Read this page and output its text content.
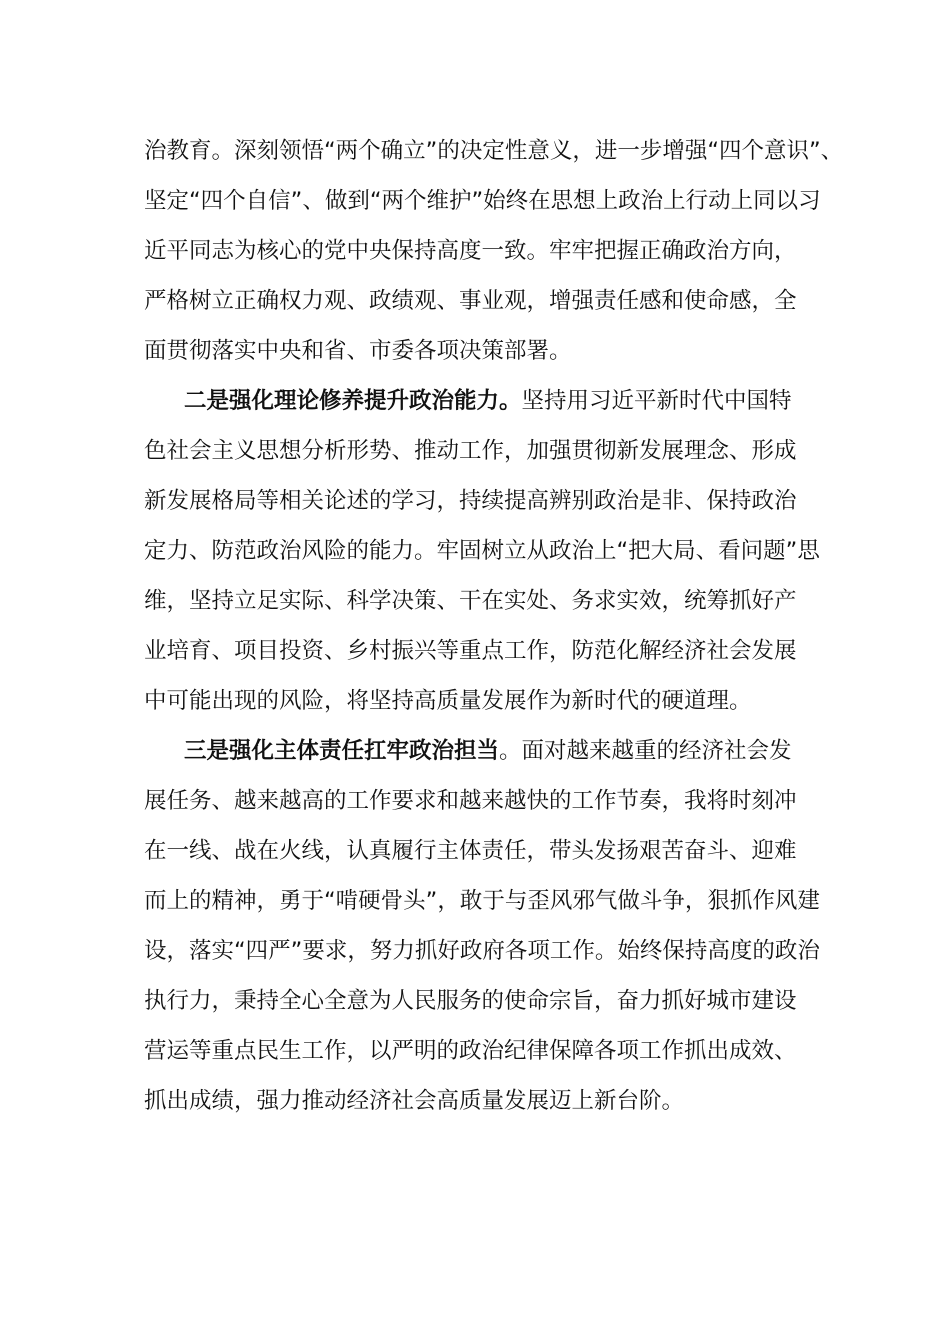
治教育。深刻领悟“两个确立”的决定性意义，进一步增强“四个意识”、
坚定“四个自信”、做到“两个维护”始终在思想上政治上行动上同以习
近平同志为核心的党中央保持高度一致。牢牢把握正确政治方向，
严格树立正确权力观、政绩观、事业观，增强责任感和使命感，全
面贯彻落实中央和省、市委各项决策部署。
二是强化理论修养提升政治能力。坚持用习近平新时代中国特
色社会主义思想分析形势、推动工作，加强贯彻新发展理念、形成
新发展格局等相关论述的学习，持续提高辨别政治是非、保持政治
定力、防范政治风险的能力。牢固树立从政治上“把大局、看问题”思
维，坚持立足实际、科学决策、干在实处、务求实效，统筹抓好产
业培育、项目投资、乡村振兴等重点工作，防范化解经济社会发展
中可能出现的风险，将坚持高质量发展作为新时代的硬道理。
三是强化主体责任扛牢政治担当。面对越来越重的经济社会发
展任务、越来越高的工作要求和越来越快的工作节奏，我将时刻冲
在一线、战在火线，认真履行主体责任，带头发扬艰苦奋斗、迎难
而上的精神，勇于“啃硬骨头”，敢于与歪风邪气做斗争，狠抓作风建
设，落实“四严”要求，努力抓好政府各项工作。始终保持高度的政治
执行力，秉持全心全意为人民服务的使命宗旨，奋力抓好城市建设
营运等重点民生工作，以严明的政治纪律保障各项工作抓出成效、
抓出成绩，强力推动经济社会高质量发展迈上新台阶。
